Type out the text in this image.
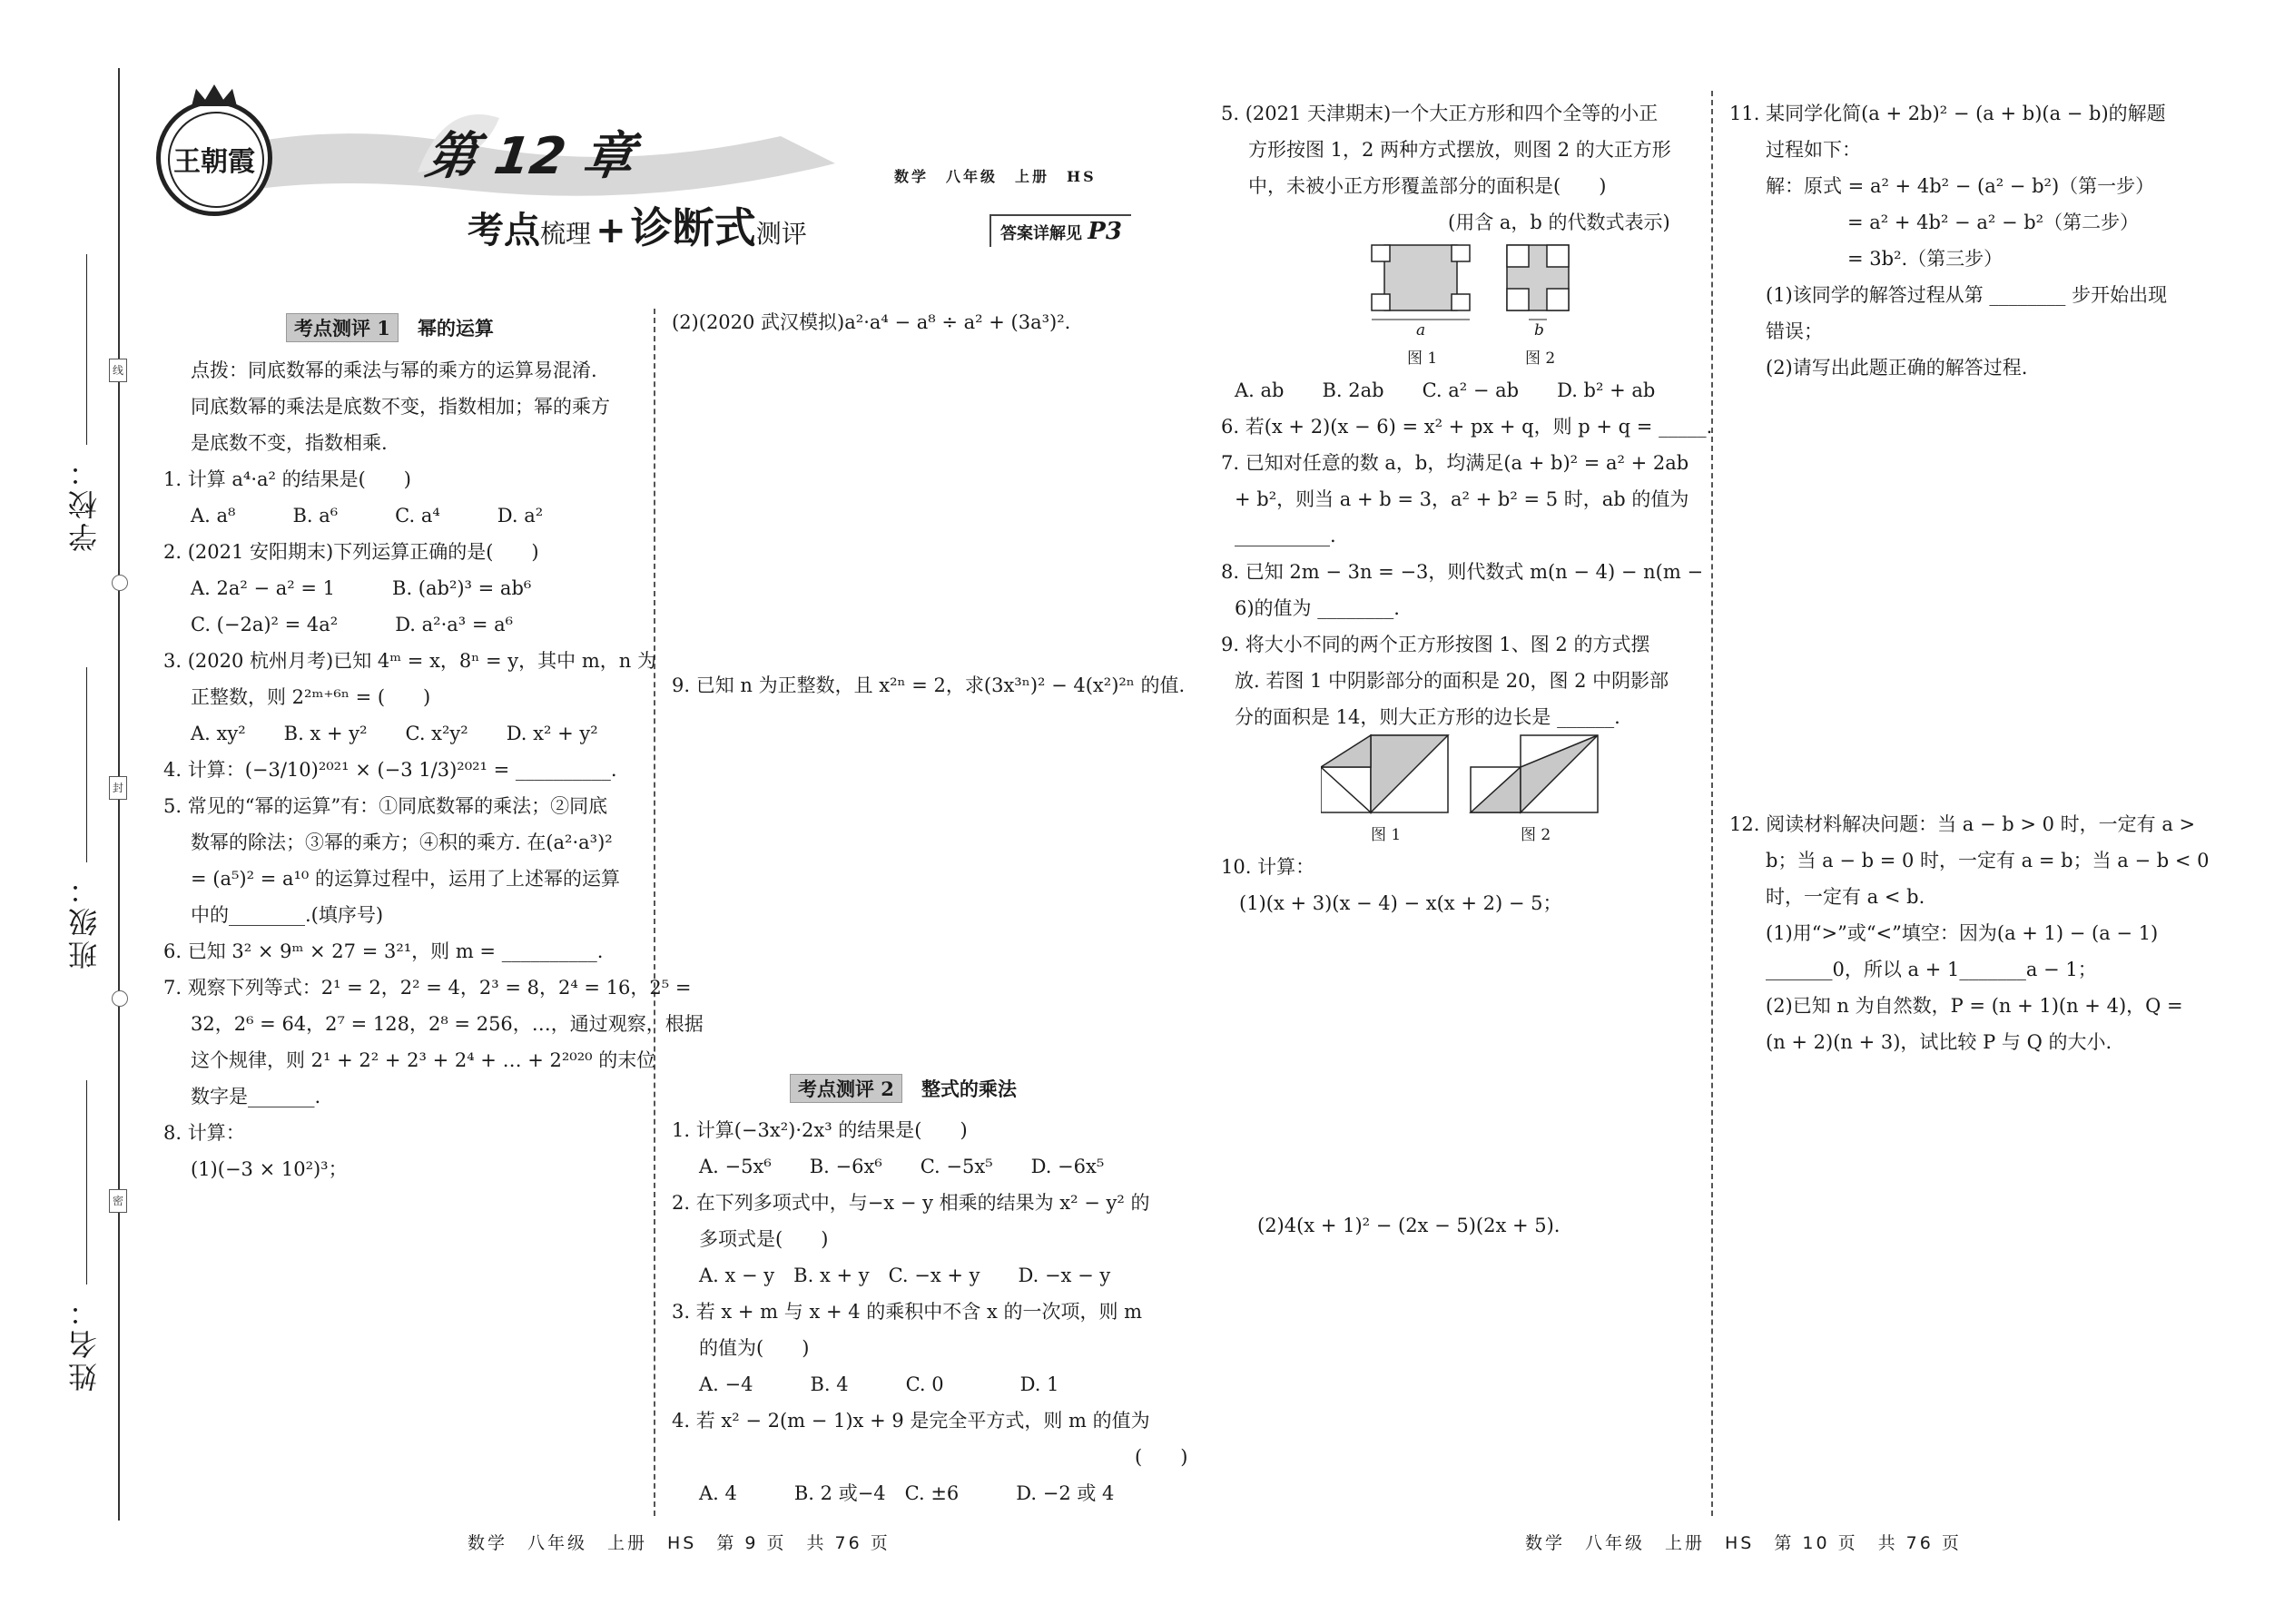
线
封
密
学校：
班级：
姓名：
王朝霞	第 12 章
考点梳理 + 诊断式测评
数学　八年级　上册　HS
答案详解见 P3
考点测评 1　 幂的运算
点拨：同底数幂的乘法与幂的乘方的运算易混淆.
同底数幂的乘法是底数不变，指数相加；幂的乘方
是底数不变，指数相乘.
1. 计算 a⁴·a² 的结果是(　　)
A. a⁸　　　B. a⁶　　　C. a⁴　　　D. a²
2. (2021 安阳期末)下列运算正确的是(　　)
A. 2a² − a² = 1　　　B. (ab²)³ = ab⁶
C. (−2a)² = 4a²　　　D. a²·a³ = a⁶
3. (2020 杭州月考)已知 4ᵐ = x，8ⁿ = y，其中 m，n 为
正整数，则 2²ᵐ⁺⁶ⁿ = (　　)
A. xy²　　B. x + y²　　C. x²y²　　D. x² + y²
4. 计算：(−3/10)²⁰²¹ × (−3 1/3)²⁰²¹ = __________.
5. 常见的“幂的运算”有：①同底数幂的乘法；②同底
数幂的除法；③幂的乘方；④积的乘方. 在(a²·a³)²
= (a⁵)² = a¹⁰ 的运算过程中，运用了上述幂的运算
中的________.(填序号)
6. 已知 3² × 9ᵐ × 27 = 3²¹，则 m = __________.
7. 观察下列等式：2¹ = 2，2² = 4，2³ = 8，2⁴ = 16，2⁵ =
32，2⁶ = 64，2⁷ = 128，2⁸ = 256，…，通过观察，根据
这个规律，则 2¹ + 2² + 2³ + 2⁴ + … + 2²⁰²⁰ 的末位
数字是_______.
8. 计算：
(1)(−3 × 10²)³；
(2)(2020 武汉模拟)a²·a⁴ − a⁸ ÷ a² + (3a³)².
9. 已知 n 为正整数，且 x²ⁿ = 2，求(3x³ⁿ)² − 4(x²)²ⁿ 的值.
考点测评 2　 整式的乘法
1. 计算(−3x²)·2x³ 的结果是(　　)
A. −5x⁶　　B. −6x⁶　　C. −5x⁵　　D. −6x⁵
2. 在下列多项式中，与−x − y 相乘的结果为 x² − y² 的
多项式是(　　)
A. x − y　B. x + y　C. −x + y　　D. −x − y
3. 若 x + m 与 x + 4 的乘积中不含 x 的一次项，则 m
的值为(　　)
A. −4　　　B. 4　　　C. 0　　　　D. 1
4. 若 x² − 2(m − 1)x + 9 是完全平方式，则 m 的值为
(　　)
A. 4　　　B. 2 或−4　C. ±6　　　D. −2 或 4
5. (2021 天津期末)一个大正方形和四个全等的小正
方形按图 1，2 两种方式摆放，则图 2 的大正方形
中，未被小正方形覆盖部分的面积是(　　)
(用含 a，b 的代数式表示)
a	b
图 1	图 2
A. ab　　B. 2ab　　C. a² − ab　　D. b² + ab
6. 若(x + 2)(x − 6) = x² + px + q，则 p + q = _____.
7. 已知对任意的数 a，b，均满足(a + b)² = a² + 2ab
+ b²，则当 a + b = 3，a² + b² = 5 时，ab 的值为
__________.
8. 已知 2m − 3n = −3，则代数式 m(n − 4) − n(m −
6)的值为 ________.
9. 将大小不同的两个正方形按图 1、图 2 的方式摆
放. 若图 1 中阴影部分的面积是 20，图 2 中阴影部
分的面积是 14，则大正方形的边长是 ______.
图 1	图 2
10. 计算：
(1)(x + 3)(x − 4) − x(x + 2) − 5；
(2)4(x + 1)² − (2x − 5)(2x + 5).
11. 某同学化简(a + 2b)² − (a + b)(a − b)的解题
过程如下：
解：原式 = a² + 4b² − (a² − b²)（第一步）
= a² + 4b² − a² − b²（第二步）
= 3b².（第三步）
(1)该同学的解答过程从第 ________ 步开始出现
错误；
(2)请写出此题正确的解答过程.
12. 阅读材料解决问题：当 a − b > 0 时，一定有 a >
b；当 a − b = 0 时，一定有 a = b；当 a − b < 0
时，一定有 a < b.
(1)用“>”或“<”填空：因为(a + 1) − (a − 1)
_______0，所以 a + 1_______a − 1；
(2)已知 n 为自然数，P = (n + 1)(n + 4)，Q =
(n + 2)(n + 3)，试比较 P 与 Q 的大小.
数学　八年级　上册　HS　第 9 页　共 76 页	数学　八年级　上册　HS　第 10 页　共 76 页
